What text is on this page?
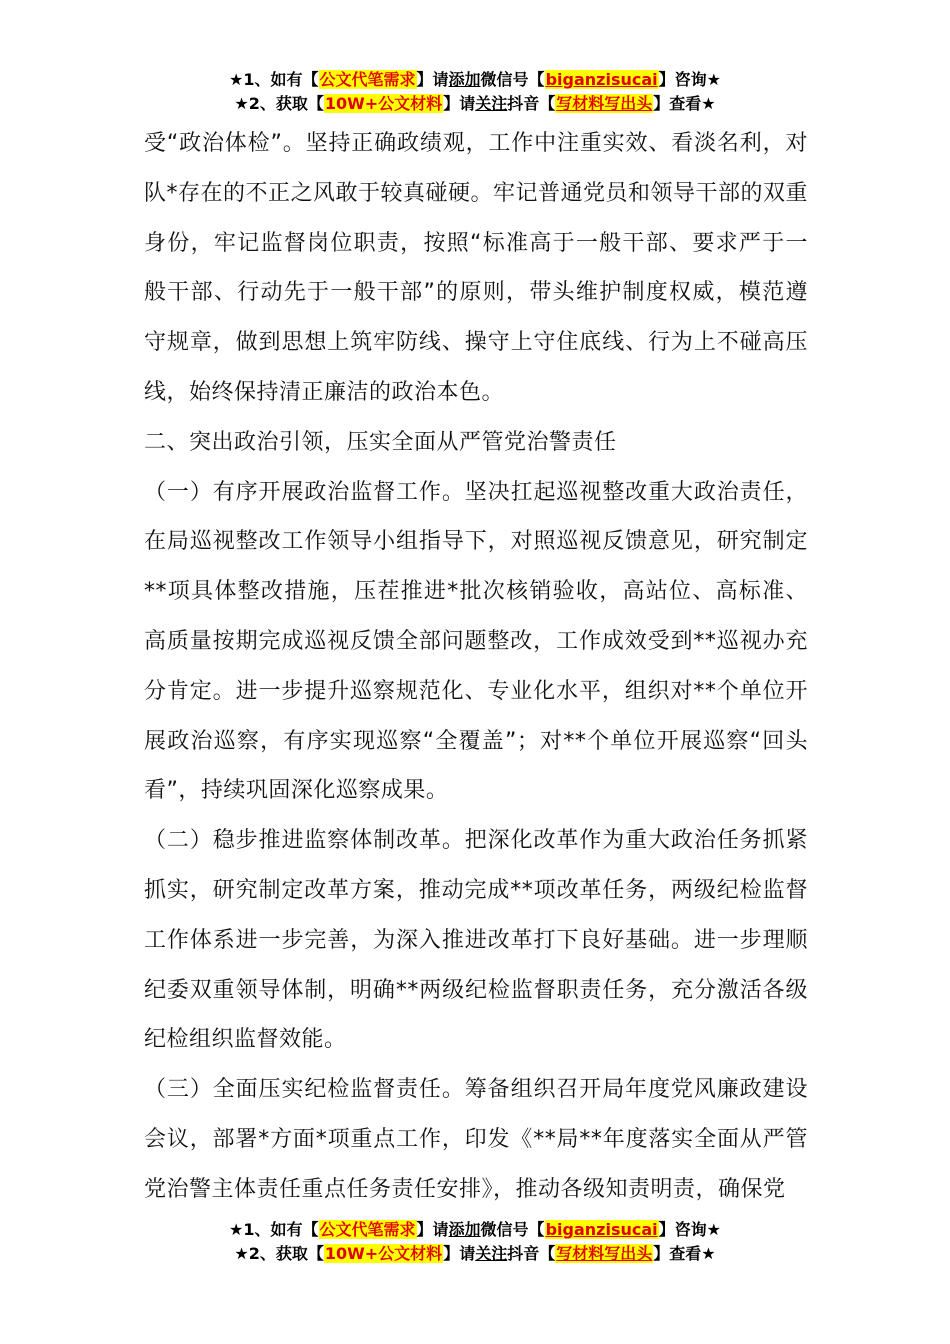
★1、如有【公文代笔需求】请添加微信号【biganzisucai】咨询★
★2、获取【10W+公文材料】请关注抖音【写材料写出头】查看★

受“政治体检”。坚持正确政绩观，工作中注重实效、看淡名利，对队*存在的不正之风敢于较真碰硬。牢记普通党员和领导干部的双重身份，牢记监督岗位职责，按照“标准高于一般干部、要求严于一般干部、行动先于一般干部”的原则，带头维护制度权威，模范遵守规章，做到思想上筑牢防线、操守上守住底线、行为上不碰高压线，始终保持清正廉洁的政治本色。

二、突出政治引领，压实全面从严管党治警责任

（一）有序开展政治监督工作。坚决扛起巡视整改重大政治责任，在局巡视整改工作领导小组指导下，对照巡视反馈意见，研究制定**项具体整改措施，压茬推进*批次核销验收，高站位、高标准、高质量按期完成巡视反馈全部问题整改，工作成效受到**巡视办充分肯定。进一步提升巡察规范化、专业化水平，组织对**个单位开展政治巡察，有序实现巡察“全覆盖”；对**个单位开展巡察“回头看”，持续巩固深化巡察成果。

（二）稳步推进监察体制改革。把深化改革作为重大政治任务抓紧抓实，研究制定改革方案，推动完成**项改革任务，两级纪检监督工作体系进一步完善，为深入推进改革打下良好基础。进一步理顺纪委双重领导体制，明确**两级纪检监督职责任务，充分激活各级纪检组织监督效能。

（三）全面压实纪检监督责任。筹备组织召开局年度党风廉政建设会议，部署*方面*项重点工作，印发《**局**年度落实全面从严管党治警主体责任重点任务责任安排》，推动各级知责明责，确保党

★1、如有【公文代笔需求】请添加微信号【biganzisucai】咨询★
★2、获取【10W+公文材料】请关注抖音【写材料写出头】查看★
